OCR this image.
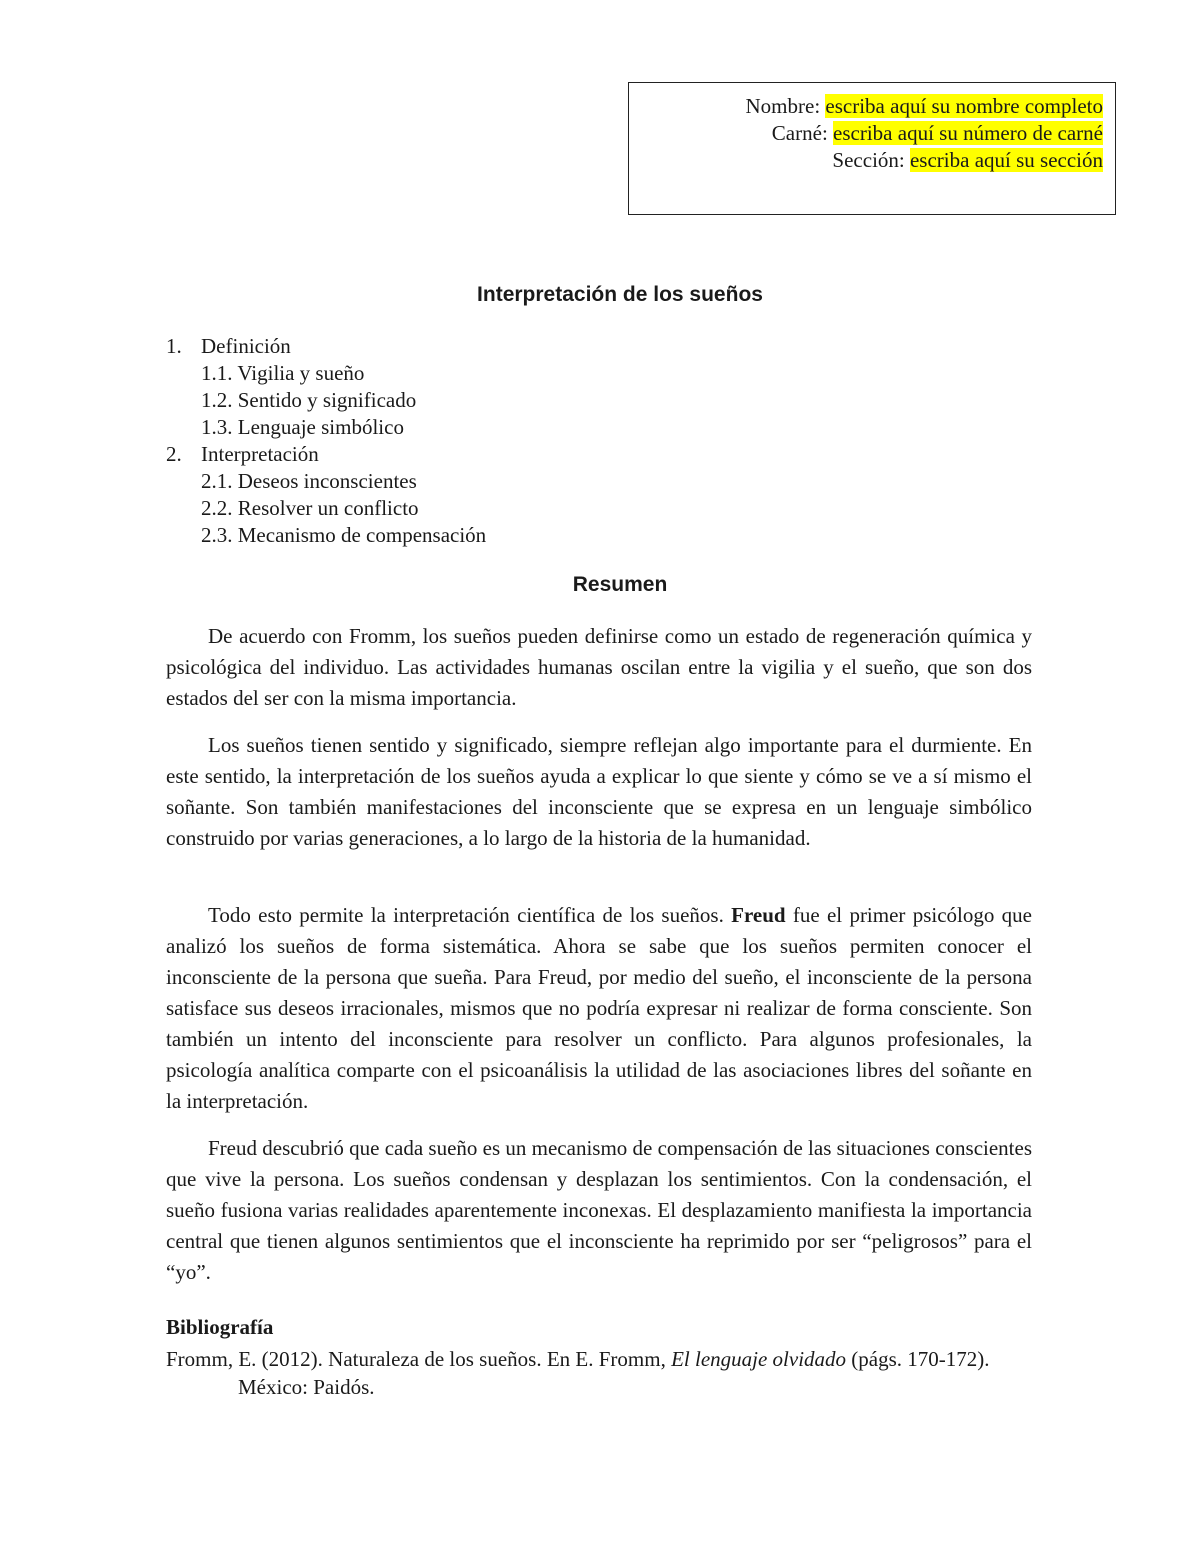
Nombre: escriba aquí su nombre completo
Carné: escriba aquí su número de carné
Sección: escriba aquí su sección
Interpretación de los sueños
1. Definición
1.1. Vigilia y sueño
1.2. Sentido y significado
1.3. Lenguaje simbólico
2. Interpretación
2.1. Deseos inconscientes
2.2. Resolver un conflicto
2.3. Mecanismo de compensación
Resumen

De acuerdo con Fromm, los sueños pueden definirse como un estado de regeneración química y psicológica del individuo. Las actividades humanas oscilan entre la vigilia y el sueño, que son dos estados del ser con la misma importancia.

Los sueños tienen sentido y significado, siempre reflejan algo importante para el durmiente. En este sentido, la interpretación de los sueños ayuda a explicar lo que siente y cómo se ve a sí mismo el soñante. Son también manifestaciones del inconsciente que se expresa en un lenguaje simbólico construido por varias generaciones, a lo largo de la historia de la humanidad.

Todo esto permite la interpretación científica de los sueños. Freud fue el primer psicólogo que analizó los sueños de forma sistemática. Ahora se sabe que los sueños permiten conocer el inconsciente de la persona que sueña. Para Freud, por medio del sueño, el inconsciente de la persona satisface sus deseos irracionales, mismos que no podría expresar ni realizar de forma consciente. Son también un intento del inconsciente para resolver un conflicto. Para algunos profesionales, la psicología analítica comparte con el psicoanálisis la utilidad de las asociaciones libres del soñante en la interpretación.

Freud descubrió que cada sueño es un mecanismo de compensación de las situaciones conscientes que vive la persona. Los sueños condensan y desplazan los sentimientos. Con la condensación, el sueño fusiona varias realidades aparentemente inconexas. El desplazamiento manifiesta la importancia central que tienen algunos sentimientos que el inconsciente ha reprimido por ser “peligrosos” para el “yo”.

Bibliografía
Fromm, E. (2012). Naturaleza de los sueños. En E. Fromm, El lenguaje olvidado (págs. 170-172). México: Paidós.
